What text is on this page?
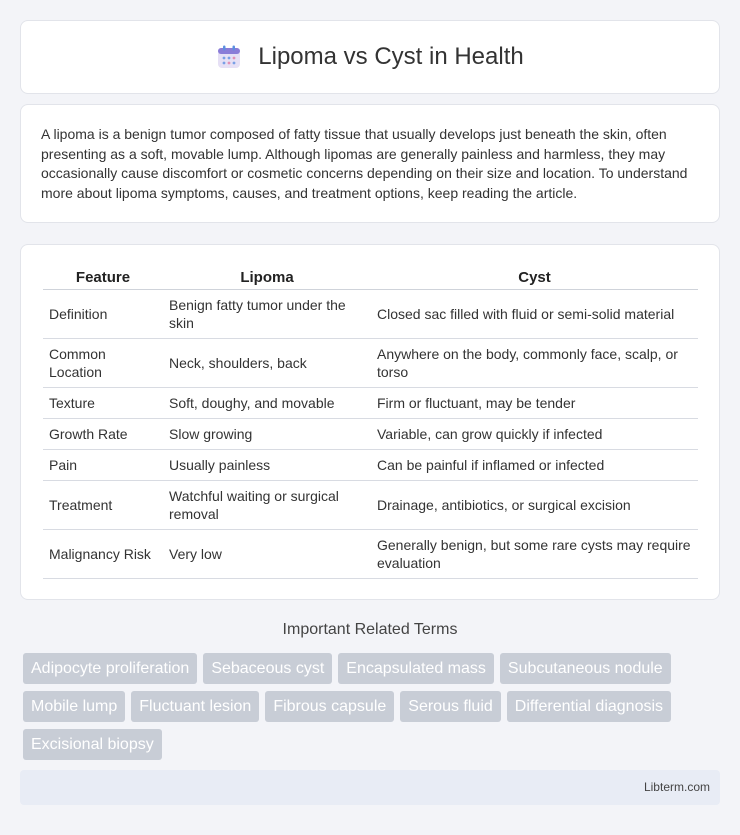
Lipoma vs Cyst in Health

A lipoma is a benign tumor composed of fatty tissue that usually develops just beneath the skin, often presenting as a soft, movable lump. Although lipomas are generally painless and harmless, they may occasionally cause discomfort or cosmetic concerns depending on their size and location. To understand more about lipoma symptoms, causes, and treatment options, keep reading the article.

Feature	Lipoma	Cyst
Definition	Benign fatty tumor under the skin	Closed sac filled with fluid or semi-solid material
Common Location	Neck, shoulders, back	Anywhere on the body, commonly face, scalp, or torso
Texture	Soft, doughy, and movable	Firm or fluctuant, may be tender
Growth Rate	Slow growing	Variable, can grow quickly if infected
Pain	Usually painless	Can be painful if inflamed or infected
Treatment	Watchful waiting or surgical removal	Drainage, antibiotics, or surgical excision
Malignancy Risk	Very low	Generally benign, but some rare cysts may require evaluation
Important Related Terms
Adipocyte proliferation	Sebaceous cyst	Encapsulated mass	Subcutaneous nodule
Mobile lump	Fluctuant lesion	Fibrous capsule	Serous fluid	Differential diagnosis
Excisional biopsy
Libterm.com
